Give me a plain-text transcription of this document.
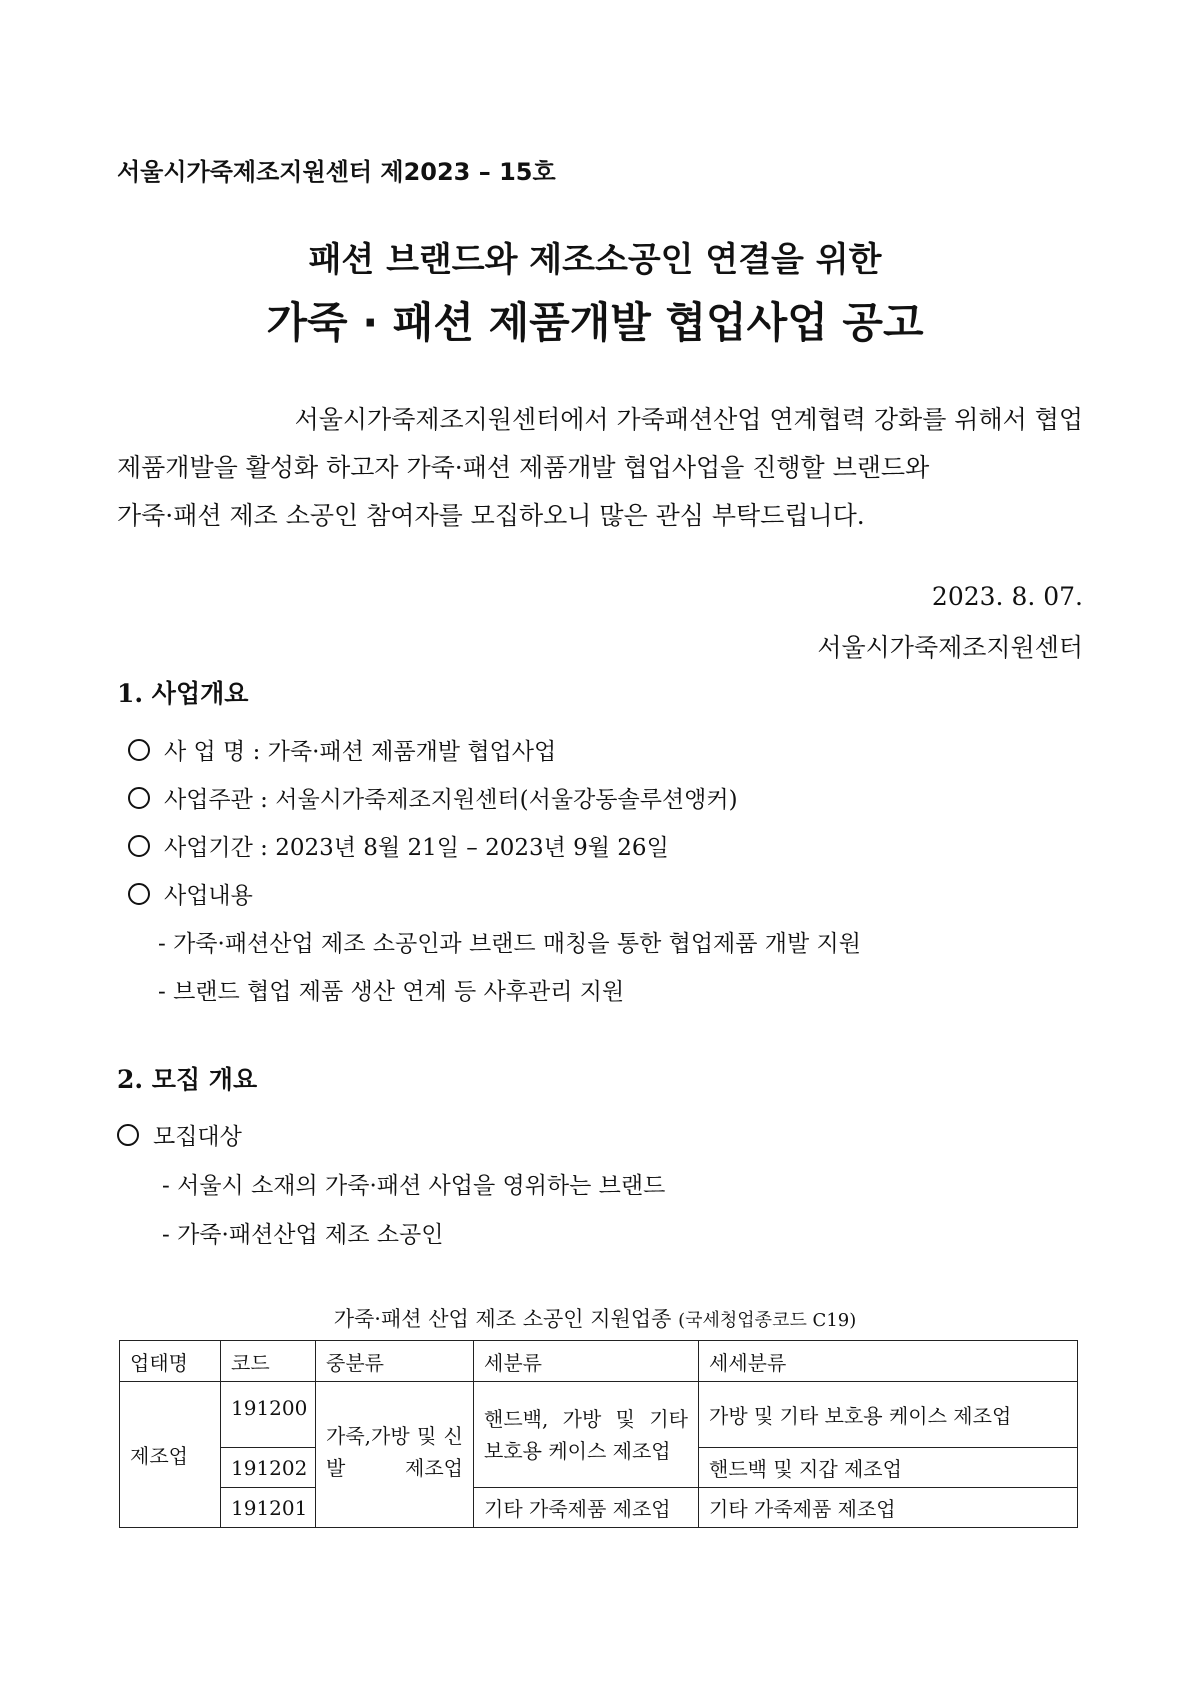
서울시가죽제조지원센터 제2023 – 15호
패션 브랜드와 제조소공인 연결을 위한
가죽 · 패션 제품개발 협업사업 공고
서울시가죽제조지원센터에서 가죽패션산업 연계협력 강화를 위해서 협업
제품개발을 활성화 하고자 가죽·패션 제품개발 협업사업을 진행할 브랜드와
가죽·패션 제조 소공인 참여자를 모집하오니 많은 관심 부탁드립니다.
2023. 8. 07.
서울시가죽제조지원센터
1. 사업개요
사 업 명 : 가죽·패션 제품개발 협업사업
사업주관 : 서울시가죽제조지원센터(서울강동솔루션앵커)
사업기간 : 2023년 8월 21일 – 2023년 9월 26일
사업내용
- 가죽·패션산업 제조 소공인과 브랜드 매칭을 통한 협업제품 개발 지원
- 브랜드 협업 제품 생산 연계 등 사후관리 지원
2. 모집 개요
모집대상
- 서울시 소재의 가죽·패션 사업을 영위하는 브랜드
- 가죽·패션산업 제조 소공인
가죽·패션 산업 제조 소공인 지원업종 (국세청업종코드 C19)
업태명	코드	중분류	세분류	세세분류
제조업	191200	가죽,가방 및 신발 제조업	핸드백, 가방 및 기타 보호용 케이스 제조업	가방 및 기타 보호용 케이스 제조업
	191202			핸드백 및 지갑 제조업
	191201		기타 가죽제품 제조업	기타 가죽제품 제조업
